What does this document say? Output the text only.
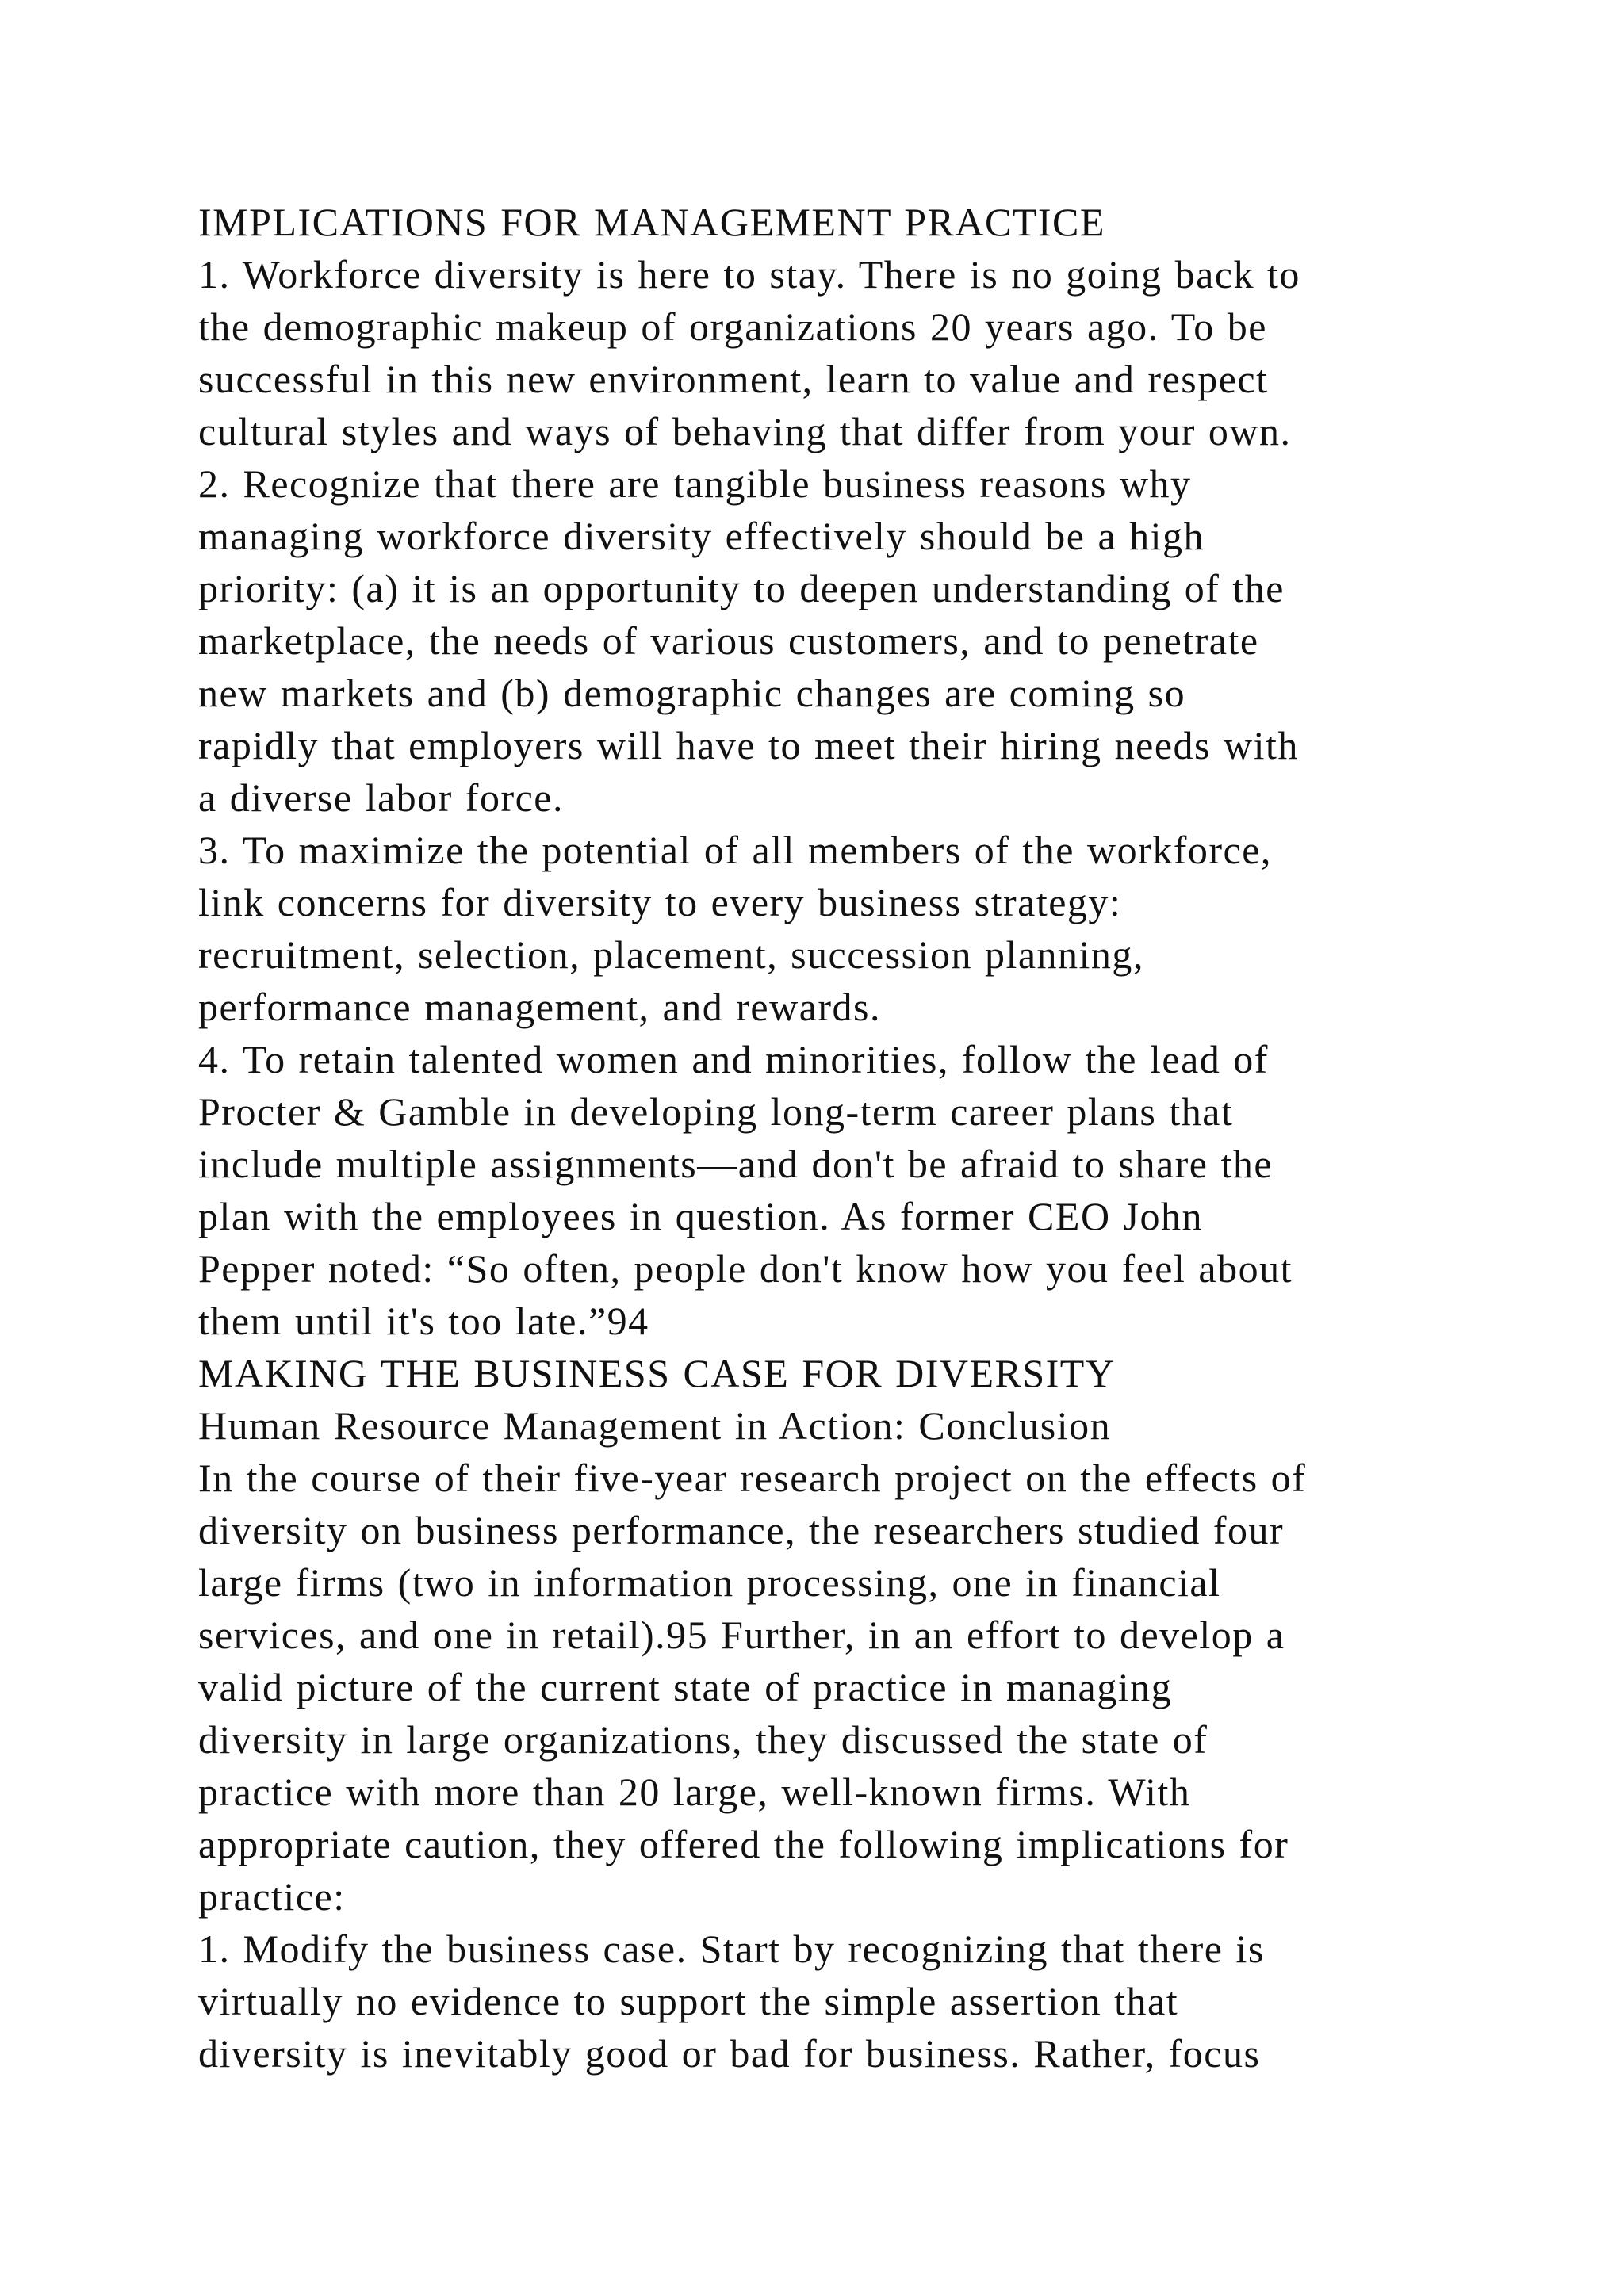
IMPLICATIONS FOR MANAGEMENT PRACTICE
1. Workforce diversity is here to stay. There is no going back to
the demographic makeup of organizations 20 years ago. To be
successful in this new environment, learn to value and respect
cultural styles and ways of behaving that differ from your own.
2. Recognize that there are tangible business reasons why
managing workforce diversity effectively should be a high
priority: (a) it is an opportunity to deepen understanding of the
marketplace, the needs of various customers, and to penetrate
new markets and (b) demographic changes are coming so
rapidly that employers will have to meet their hiring needs with
a diverse labor force.
3. To maximize the potential of all members of the workforce,
link concerns for diversity to every business strategy:
recruitment, selection, placement, succession planning,
performance management, and rewards.
4. To retain talented women and minorities, follow the lead of
Procter & Gamble in developing long-term career plans that
include multiple assignments—and don't be afraid to share the
plan with the employees in question. As former CEO John
Pepper noted: “So often, people don't know how you feel about
them until it's too late.”94
MAKING THE BUSINESS CASE FOR DIVERSITY
Human Resource Management in Action: Conclusion
In the course of their five-year research project on the effects of
diversity on business performance, the researchers studied four
large firms (two in information processing, one in financial
services, and one in retail).95 Further, in an effort to develop a
valid picture of the current state of practice in managing
diversity in large organizations, they discussed the state of
practice with more than 20 large, well-known firms. With
appropriate caution, they offered the following implications for
practice:
1. Modify the business case. Start by recognizing that there is
virtually no evidence to support the simple assertion that
diversity is inevitably good or bad for business. Rather, focus
